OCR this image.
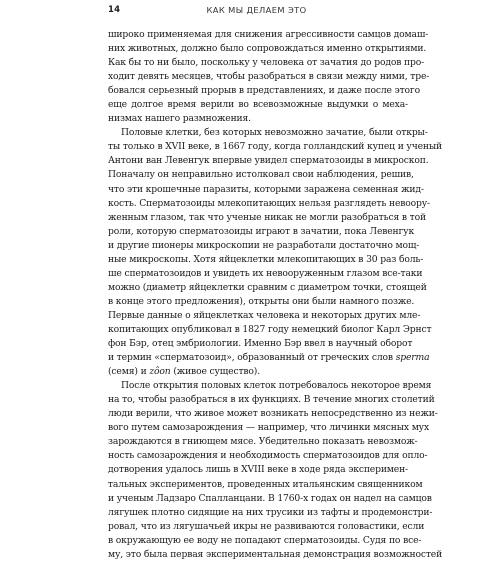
14	КАК МЫ ДЕЛАЕМ ЭТО
широко применяемая для снижения агрессивности самцов домаш-
них животных, должно было сопровождаться именно открытиями.
Как бы то ни было, поскольку у человека от зачатия до родов про-
ходит девять месяцев, чтобы разобраться в связи между ними, тре-
бовался серьезный прорыв в представлениях, и даже после этого
еще долгое время верили во всевозможные выдумки о меха-
низмах нашего размножения.
Половые клетки, без которых невозможно зачатие, были откры-
ты только в XVII веке, в 1667 году, когда голландский купец и ученый
Антони ван Левенгук впервые увидел сперматозоиды в микроскоп.
Поначалу он неправильно истолковал свои наблюдения, решив,
что эти крошечные паразиты, которыми заражена семенная жид-
кость. Сперматозоиды млекопитающих нельзя разглядеть невоору-
женным глазом, так что ученые никак не могли разобраться в той
роли, которую сперматозоиды играют в зачатии, пока Левенгук
и другие пионеры микроскопии не разработали достаточно мощ-
ные микроскопы. Хотя яйцеклетки млекопитающих в 30 раз боль-
ше сперматозоидов и увидеть их невооруженным глазом все-таки
можно (диаметр яйцеклетки сравним с диаметром точки, стоящей
в конце этого предложения), открыты они были намного позже.
Первые данные о яйцеклетках человека и некоторых других мле-
копитающих опубликовал в 1827 году немецкий биолог Карл Эрнст
фон Бэр, отец эмбриологии. Именно Бэр ввел в научный оборот
и термин «сперматозоид», образованный от греческих слов sperma
(семя) и zôon (живое существо).
После открытия половых клеток потребовалось некоторое время
на то, чтобы разобраться в их функциях. В течение многих столетий
люди верили, что живое может возникать непосредственно из нежи-
вого путем самозарождения — например, что личинки мясных мух
зарождаются в гниющем мясе. Убедительно показать невозмож-
ность самозарождения и необходимость сперматозоидов для опло-
дотворения удалось лишь в XVIII веке в ходе ряда эксперимен-
тальных экспериментов, проведенных итальянским священником
и ученым Ладзаро Спалланцани. В 1760-х годах он надел на самцов
лягушек плотно сидящие на них трусики из тафты и продемонстри-
ровал, что из лягушачьей икры не развиваются головастики, если
в окружающую ее воду не попадают сперматозоиды. Судя по все-
му, это была первая экспериментальная демонстрация возможностей
